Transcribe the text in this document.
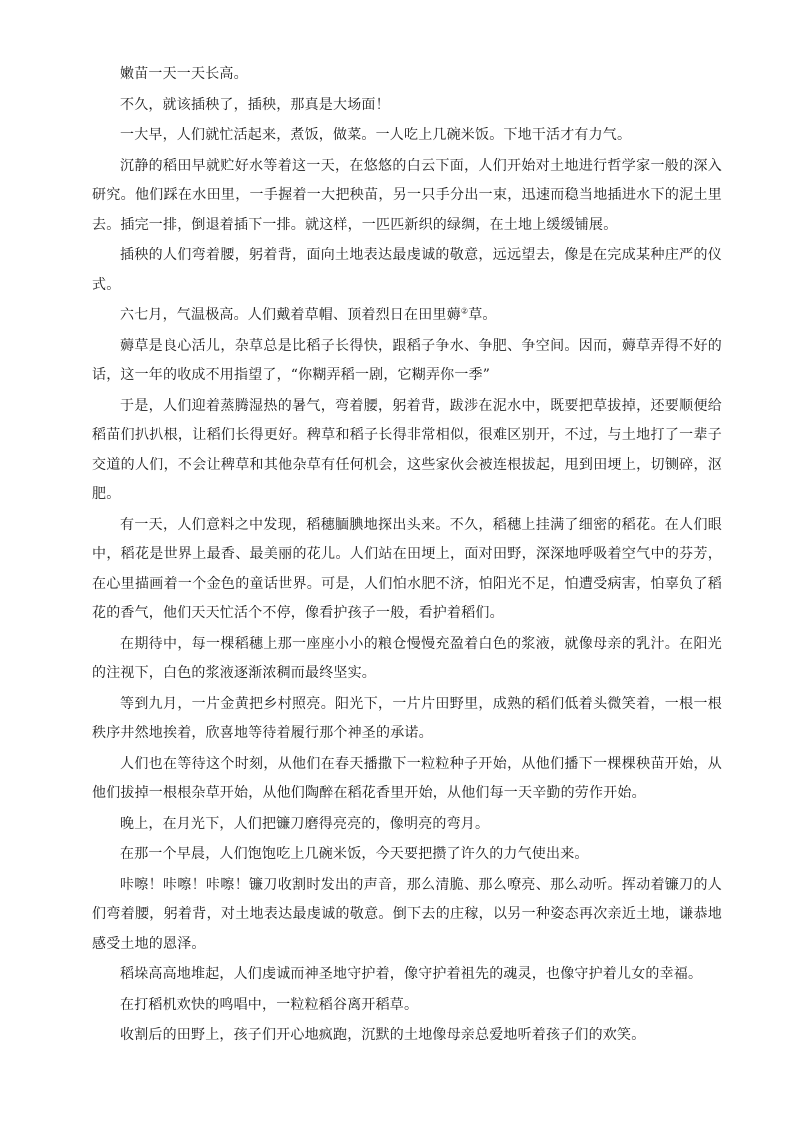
嫩苗一天一天长高。

不久，就该插秧了，插秧，那真是大场面！

一大早，人们就忙活起来，煮饭，做菜。一人吃上几碗米饭。下地干活才有力气。

沉静的稻田早就贮好水等着这一天，在悠悠的白云下面，人们开始对土地进行哲学家一般的深入研究。他们踩在水田里，一手握着一大把秧苗，另一只手分出一束，迅速而稳当地插进水下的泥土里去。插完一排，倒退着插下一排。就这样，一匹匹新织的绿绸，在土地上缓缓铺展。

插秧的人们弯着腰，躬着背，面向土地表达最虔诚的敬意，远远望去，像是在完成某种庄严的仪式。

六七月，气温极高。人们戴着草帽、顶着烈日在田里薅②草。

薅草是良心活儿，杂草总是比稻子长得快，跟稻子争水、争肥、争空间。因而，薅草弄得不好的话，这一年的收成不用指望了，“你糊弄稻一剧，它糊弄你一季”

于是，人们迎着蒸腾湿热的暑气，弯着腰，躬着背，跋涉在泥水中，既要把草拔掉，还要顺便给稻苗们扒扒根，让稻们长得更好。稗草和稻子长得非常相似，很难区别开，不过，与土地打了一辈子交道的人们，不会让稗草和其他杂草有任何机会，这些家伙会被连根拔起，甩到田埂上，切铡碎，沤肥。

有一天，人们意料之中发现，稻穗腼腆地探出头来。不久，稻穗上挂满了细密的稻花。在人们眼中，稻花是世界上最香、最美丽的花儿。人们站在田埂上，面对田野，深深地呼吸着空气中的芬芳，在心里描画着一个金色的童话世界。可是，人们怕水肥不济，怕阳光不足，怕遭受病害，怕辜负了稻花的香气，他们天天忙活个不停，像看护孩子一般，看护着稻们。

在期待中，每一棵稻穗上那一座座小小的粮仓慢慢充盈着白色的浆液，就像母亲的乳汁。在阳光的注视下，白色的浆液逐渐浓稠而最终坚实。

等到九月，一片金黄把乡村照亮。阳光下，一片片田野里，成熟的稻们低着头微笑着，一根一根秩序井然地挨着，欣喜地等待着履行那个神圣的承诺。

人们也在等待这个时刻，从他们在春天播撒下一粒粒种子开始，从他们播下一棵棵秧苗开始，从他们拔掉一根根杂草开始，从他们陶醉在稻花香里开始，从他们每一天辛勤的劳作开始。

晚上，在月光下，人们把镰刀磨得亮亮的，像明亮的弯月。

在那一个早晨，人们饱饱吃上几碗米饭，今天要把攒了许久的力气使出来。

咔嚓！咔嚓！咔嚓！镰刀收割时发出的声音，那么清脆、那么嘹亮、那么动听。挥动着镰刀的人们弯着腰，躬着背，对土地表达最虔诚的敬意。倒下去的庄稼，以另一种姿态再次亲近土地，谦恭地感受土地的恩泽。

稻垛高高地堆起，人们虔诚而神圣地守护着，像守护着祖先的魂灵，也像守护着儿女的幸福。

在打稻机欢快的鸣唱中，一粒粒稻谷离开稻草。

收割后的田野上，孩子们开心地疯跑，沉默的土地像母亲总爱地听着孩子们的欢笑。
